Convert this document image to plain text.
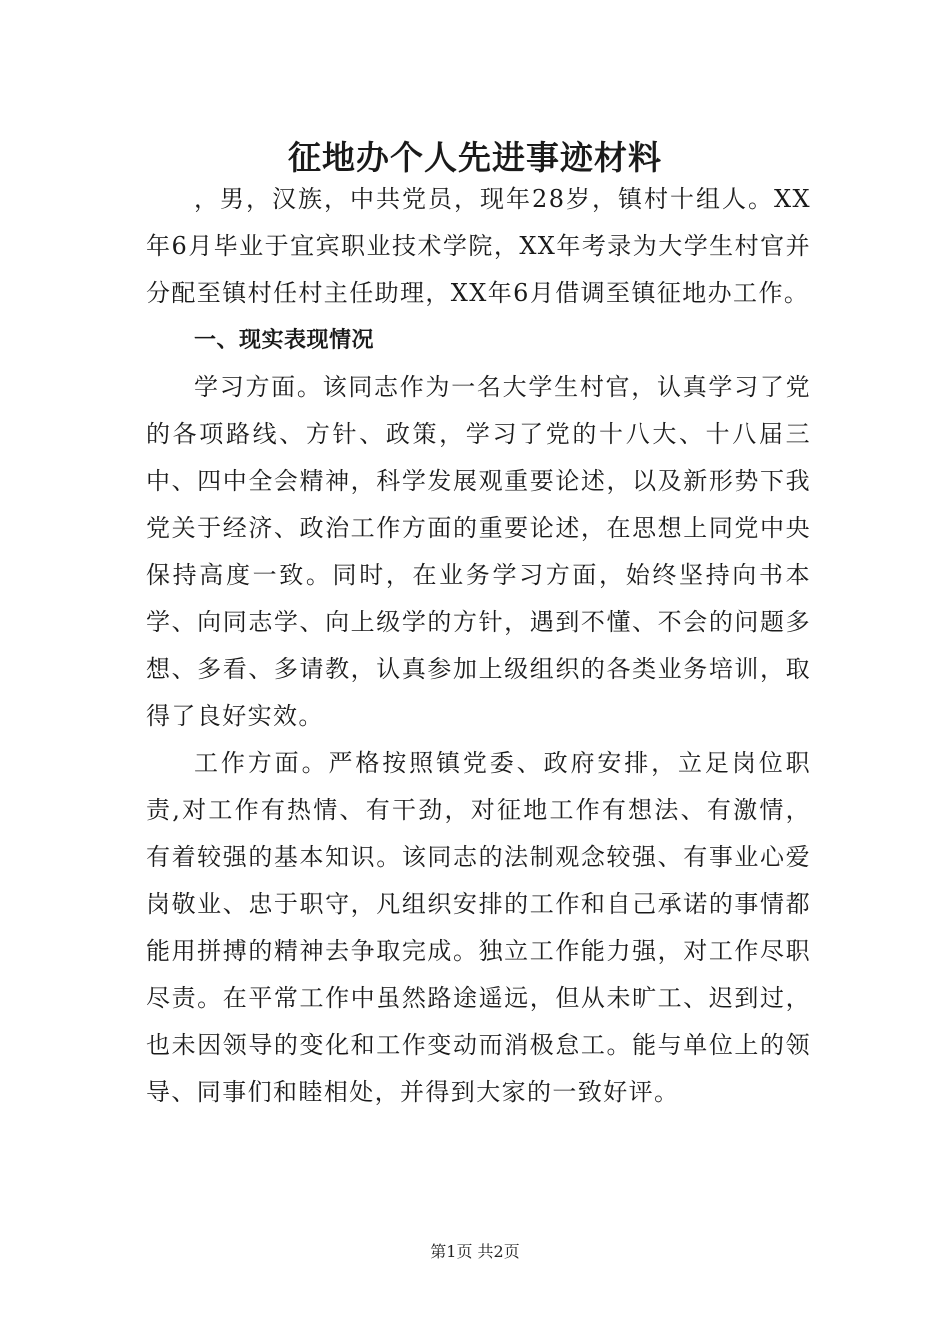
征地办个人先进事迹材料

，男，汉族，中共党员，现年28岁，镇村十组人。XX年6月毕业于宜宾职业技术学院，XX年考录为大学生村官并分配至镇村任村主任助理，XX年6月借调至镇征地办工作。

一、现实表现情况

学习方面。该同志作为一名大学生村官，认真学习了党的各项路线、方针、政策，学习了党的十八大、十八届三中、四中全会精神，科学发展观重要论述，以及新形势下我党关于经济、政治工作方面的重要论述，在思想上同党中央保持高度一致。同时，在业务学习方面，始终坚持向书本学、向同志学、向上级学的方针，遇到不懂、不会的问题多想、多看、多请教，认真参加上级组织的各类业务培训，取得了良好实效。

工作方面。严格按照镇党委、政府安排，立足岗位职责,对工作有热情、有干劲，对征地工作有想法、有激情，有着较强的基本知识。该同志的法制观念较强、有事业心爱岗敬业、忠于职守，凡组织安排的工作和自己承诺的事情都能用拼搏的精神去争取完成。独立工作能力强，对工作尽职尽责。在平常工作中虽然路途遥远，但从未旷工、迟到过，也未因领导的变化和工作变动而消极怠工。能与单位上的领导、同事们和睦相处，并得到大家的一致好评。

第1页 共2页
